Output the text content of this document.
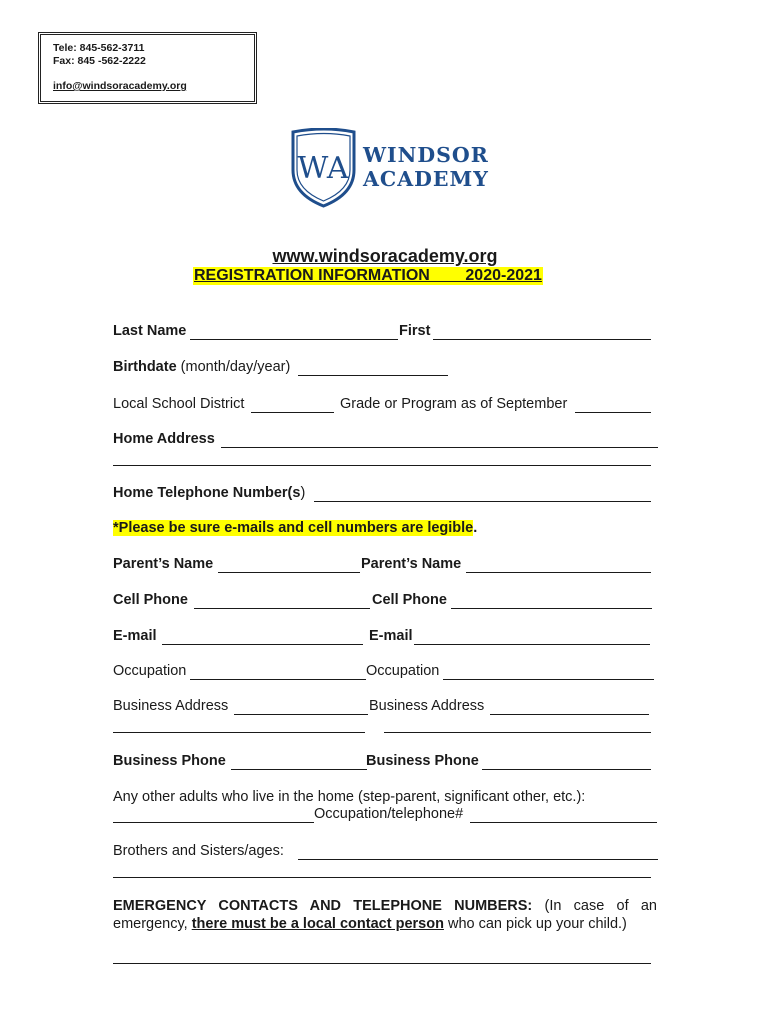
Tele: 845-562-3711
Fax: 845 -562-2222
info@windsoracademy.org
WA WINDSOR
ACADEMY
www.windsoracademy.org
REGISTRATION INFORMATION        2020-2021
Last Name	First
Birthdate (month/day/year)
Local School District	Grade or Program as of September
Home Address
Home Telephone Number(s)
*Please be sure e-mails and cell numbers are legible.
Parent’s Name	Parent’s Name
Cell Phone	Cell Phone
E-mail	E-mail
Occupation	Occupation
Business Address	Business Address
Business Phone	Business Phone
Any other adults who live in the home (step-parent, significant other, etc.):
Occupation/telephone#
Brothers and Sisters/ages:
EMERGENCY CONTACTS AND TELEPHONE NUMBERS: (In case of an emergency, there must be a local contact person who can pick up your child.)
